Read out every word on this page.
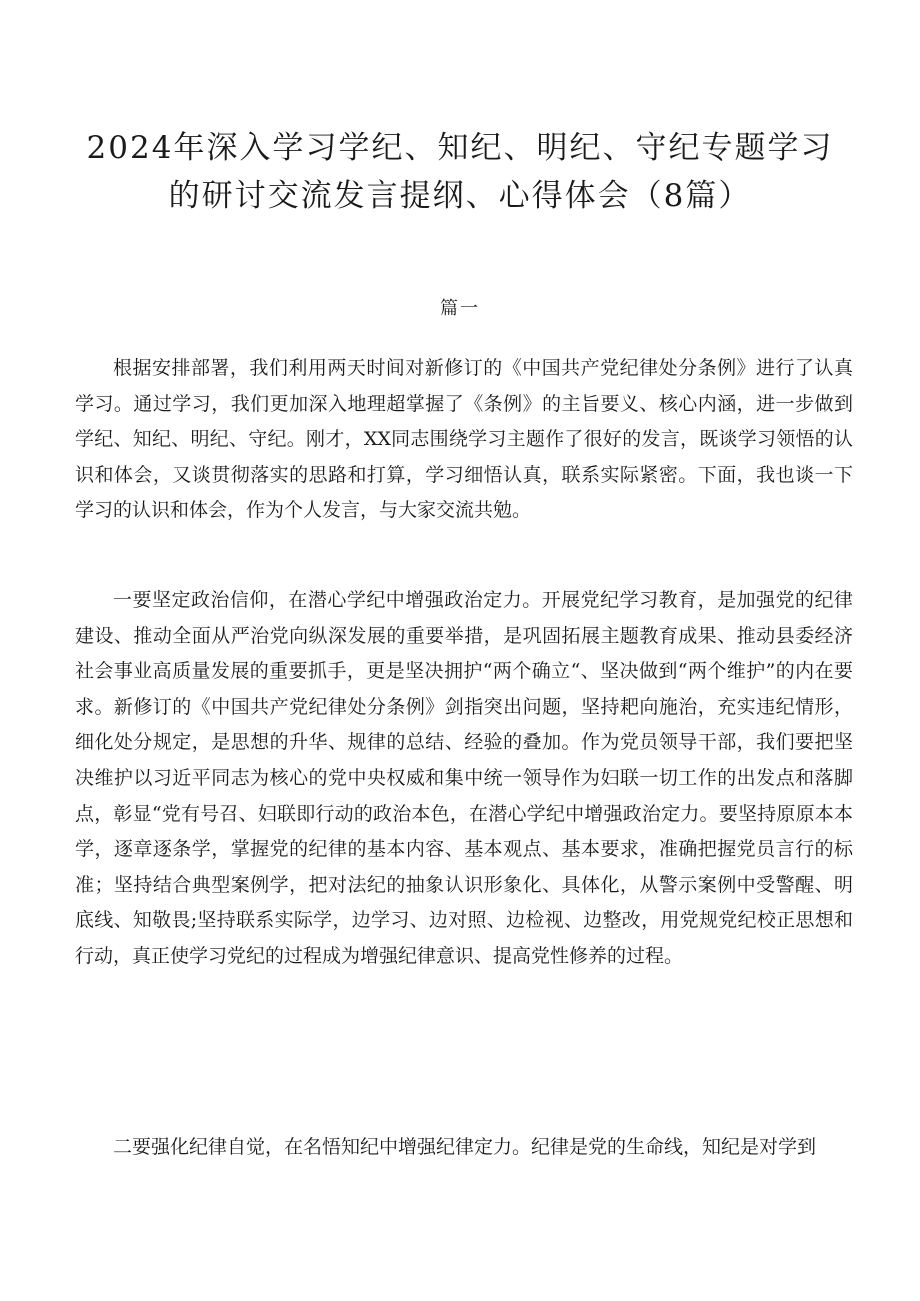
2024年深入学习学纪、知纪、明纪、守纪专题学习
的研讨交流发言提纲、心得体会（8篇）
篇一

根据安排部署，我们利用两天时间对新修订的《中国共产党纪律处分条例》进行了认真学习。通过学习，我们更加深入地理超掌握了《条例》的主旨要义、核心内涵，进一步做到学纪、知纪、明纪、守纪。刚才，XX同志围绕学习主题作了很好的发言，既谈学习领悟的认识和体会，又谈贯彻落实的思路和打算，学习细悟认真，联系实际紧密。下面，我也谈一下学习的认识和体会，作为个人发言，与大家交流共勉。

一要坚定政治信仰，在潜心学纪中增强政治定力。开展党纪学习教育，是加强党的纪律建设、推动全面从严治党向纵深发展的重要举措，是巩固拓展主题教育成果、推动县委经济社会事业高质量发展的重要抓手，更是坚决拥护“两个确立“、坚决做到“两个维护”的内在要求。新修订的《中国共产党纪律处分条例》剑指突出问题，坚持耙向施治，充实违纪情形，细化处分规定，是思想的升华、规律的总结、经验的叠加。作为党员领导干部，我们要把坚决维护以习近平同志为核心的党中央权威和集中统一领导作为妇联一切工作的出发点和落脚点，彰显“党有号召、妇联即行动的政治本色，在潜心学纪中增强政治定力。要坚持原原本本学，逐章逐条学，掌握党的纪律的基本内容、基本观点、基本要求，准确把握党员言行的标准；坚持结合典型案例学，把对法纪的抽象认识形象化、具体化，从警示案例中受警醒、明底线、知敬畏;坚持联系实际学，边学习、边对照、边检视、边整改，用党规党纪校正思想和行动，真正使学习党纪的过程成为增强纪律意识、提高党性修养的过程。

二要强化纪律自觉，在名悟知纪中增强纪律定力。纪律是党的生命线，知纪是对学到
